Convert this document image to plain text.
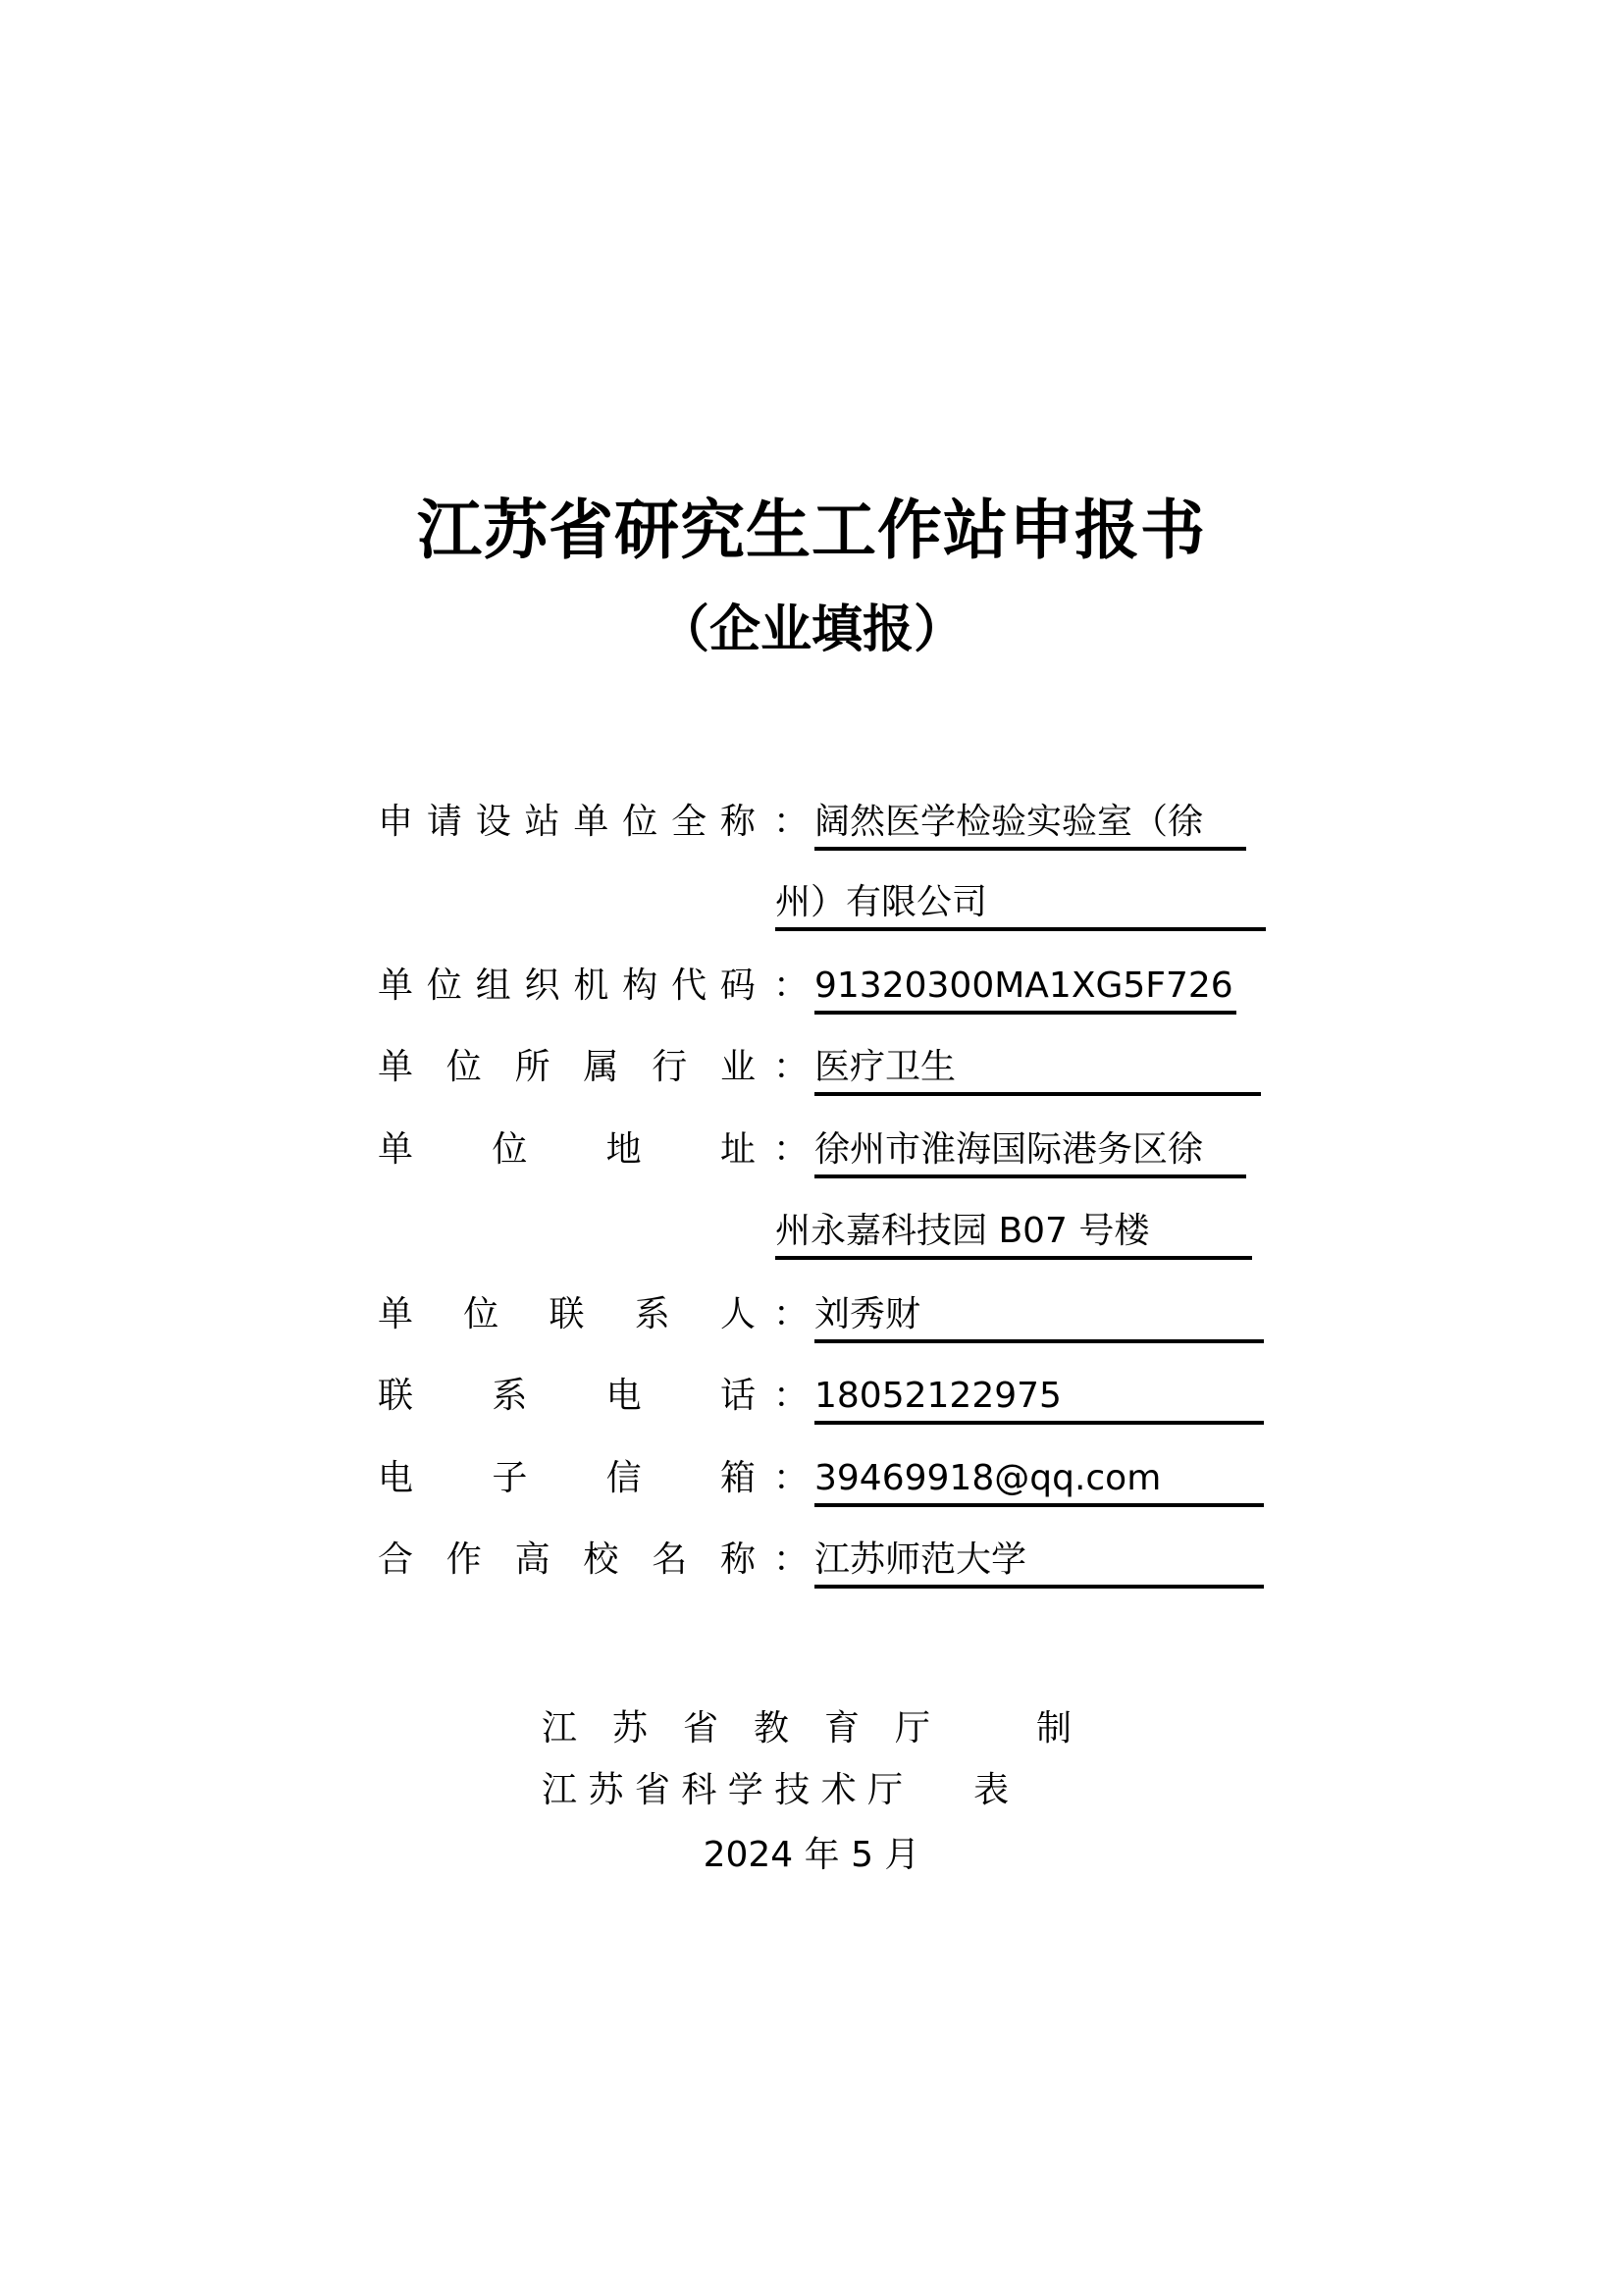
江苏省研究生工作站申报书
（企业填报）
申 请 设 站 单 位 全 称 ： 阔然医学检验实验室（徐
州）有限公司
单 位 组 织 机 构 代 码 ： 91320300MA1XG5F726
单 位 所 属 行 业 ： 医疗卫生
单 位 地 址 ： 徐州市淮海国际港务区徐
州永嘉科技园 B07 号楼
单 位 联 系 人 ： 刘秀财
联 系 电 话 ： 18052122975
电 子 信 箱 ： 39469918@qq.com
合 作 高 校 名 称 ： 江苏师范大学
江　苏　省　教　育　厅　　　制
江 苏 省 科 学 技 术 厅　　表
2024 年 5 月
